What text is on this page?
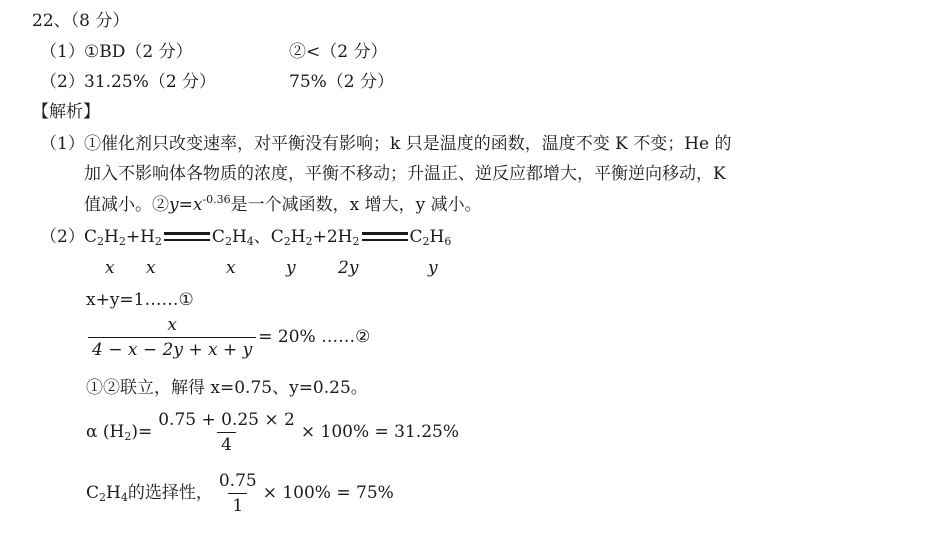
22、（8 分）
（1） ①BD（2 分）	②<（2 分）
（2） 31.25%（2 分）	75%（2 分）
【解析】
（1） ①催化剂只改变速率，对平衡没有影响；k 只是温度的函数，温度不变 K 不变；He 的
加入不影响体各物质的浓度，平衡不移动；升温正、逆反应都增大，平衡逆向移动，K
值减小。$②y=x^{-0.36}$是一个减函数，x 增大，y 减小。
（2） $C_2H_2+H_2$	$C_2H_4$、$C_2H_2+2H_2$	$C_2H_6$
x x	x	y 2y	y
x+y=1……①
$\frac{x}{4 - x - 2y + x + y} = 20\%$ ……②
①②联立，解得 x=0.75、y=0.25。
α $(H_2)= \frac{0.75 + 0.25 \times 2}{4} \times 100\% = 31.25\%$
$C_2H_4$的选择性， $\frac{0.75}{1} \times 100\% = 75\%$
